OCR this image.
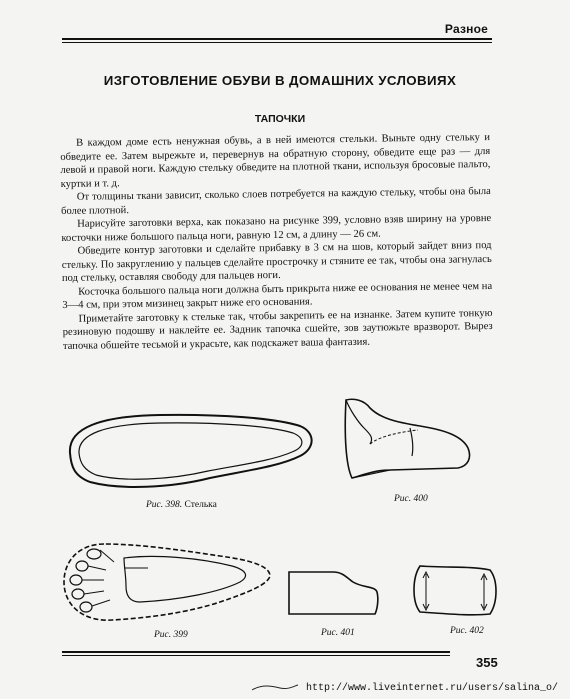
Разное
ИЗГОТОВЛЕНИЕ ОБУВИ В ДОМАШНИХ УСЛОВИЯХ
ТАПОЧКИ

В каждом доме есть ненужная обувь, а в ней имеются стельки. Выньте одну стельку и обведите ее. Затем вырежьте и, перевернув на обратную сторону, обведите еще раз — для левой и правой ноги. Каждую стельку обведите на плотной ткани, используя бросовые пальто, куртки и т. д.

От толщины ткани зависит, сколько слоев потребуется на каждую стельку, чтобы она была более плотной.

Нарисуйте заготовки верха, как показано на рисунке 399, условно взяв ширину на уровне косточки ниже большого пальца ноги, равную 12 см, а длину — 26 см.

Обведите контур заготовки и сделайте прибавку в 3 см на шов, который зайдет вниз под стельку. По закруглению у пальцев сделайте прострочку и стяните ее так, чтобы она загнулась под стельку, оставляя свободу для пальцев ноги.

Косточка большого пальца ноги должна быть прикрыта ниже ее основания не менее чем на 3—4 см, при этом мизинец закрыт ниже его основания.

Приметайте заготовку к стельке так, чтобы закрепить ее на изнанке. Затем купите тонкую резиновую подошву и наклейте ее. Задник тапочка сшейте, зов заутюжьте вразворот. Вырез тапочка обшейте тесьмой и украсьте, как подскажет ваша фантазия.

Рис. 398. Стелька
Рис. 400
Рис. 399	Рис. 401	Рис. 402
355
http://www.liveinternet.ru/users/salina_o/
